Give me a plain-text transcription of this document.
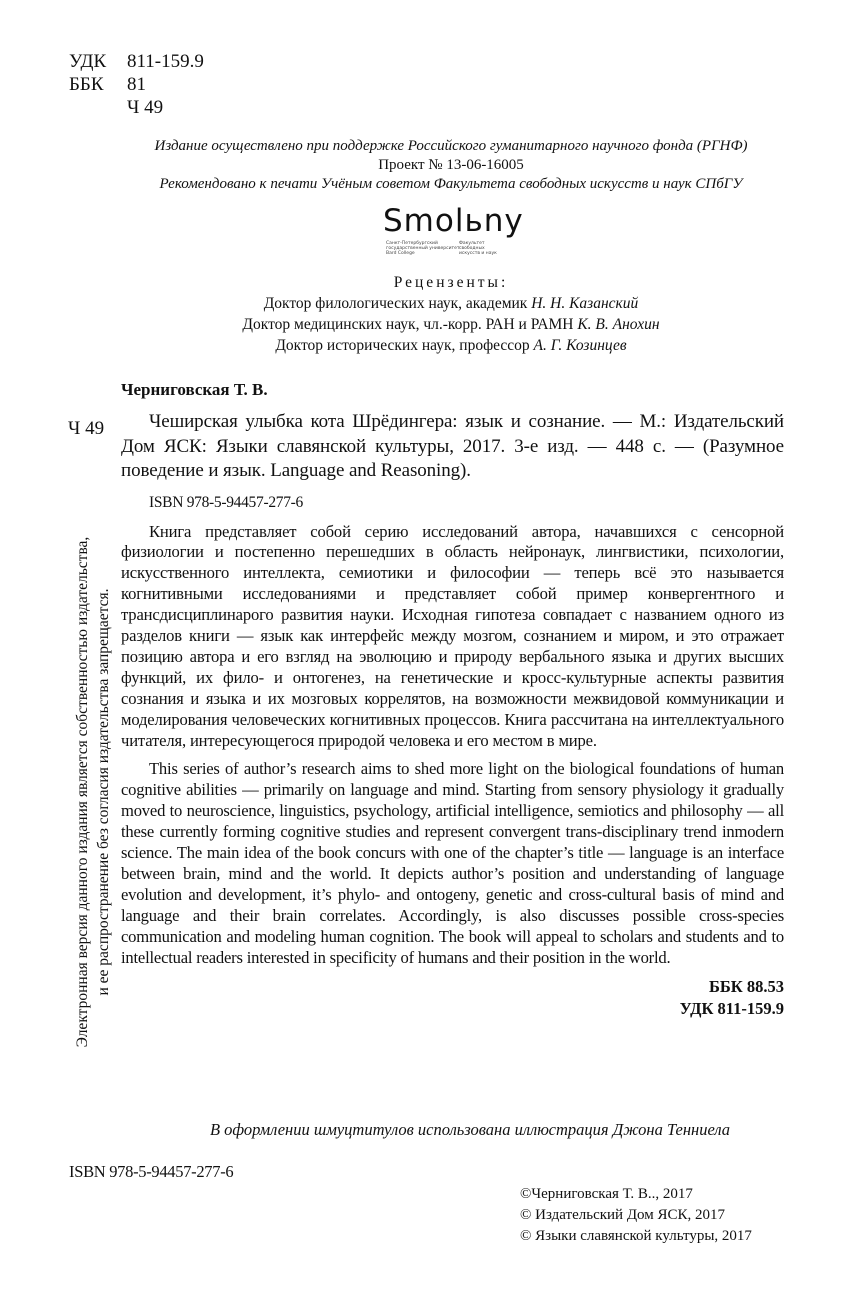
УДК 811-159.9
ББК 81
Ч 49
Издание осуществлено при поддержке Российского гуманитарного научного фонда (РГНФ)
Проект № 13-06-16005
Рекомендовано к печати Учёным советом Факультета свободных искусств и наук СПбГУ
Smolьny
Санкт-Петербургский
государственный университет
Bard College
Факультет
свободных
искусств и наук
Рецензенты:
Доктор филологических наук, академик Н. Н. Казанский
Доктор медицинских наук, чл.-корр. РАН и РАМН К. В. Анохин
Доктор исторических наук, профессор А. Г. Козинцев
Черниговская Т. В.
Ч 49	Чеширская улыбка кота Шрёдингера: язык и сознание. — М.: Издательский Дом ЯСК: Языки славянской культуры, 2017. 3-е изд. — 448 с. — (Разумное поведение и язык. Language and Reasoning).

ISBN 978-5-94457-277-6

Книга представляет собой серию исследований автора, начавшихся с сенсорной физиологии и постепенно перешедших в область нейронаук, лингвистики, психологии, искусственного интеллекта, семиотики и философии — теперь всё это называется когнитивными исследованиями и представляет собой пример конвергентного и трансдисциплинарого развития науки. Исходная гипотеза совпадает с названием одного из разделов книги — язык как интерфейс между мозгом, сознанием и миром, и это отражает позицию автора и его взгляд на эволюцию и природу вербального языка и других высших функций, их фило- и онтогенез, на генетические и кросс-культурные аспекты развития сознания и языка и их мозговых коррелятов, на возможности межвидовой коммуникации и моделирования человеческих когнитивных процессов. Книга рассчитана на интеллектуального читателя, интересующегося природой человека и его местом в мире.

This series of author’s research aims to shed more light on the biological foundations of human cognitive abilities — primarily on language and mind. Starting from sensory physiology it gradually moved to neuroscience, linguistics, psychology, artificial intelligence, semiotics and philosophy — all these currently forming cognitive studies and represent convergent trans-disciplinary trend inmodern science. The main idea of the book concurs with one of the chapter’s title — language is an interface between brain, mind and the world. It depicts author’s position and understanding of language evolution and development, it’s phylo- and ontogeny, genetic and cross-cultural basis of mind and language and their brain correlates. Accordingly, is also discusses possible cross-species communication and modeling human cognition. The book will appeal to scholars and students and to intellectual readers interested in specificity of humans and their position in the world.

ББК 88.53
УДК 811-159.9
Электронная версия данного издания является собственностью издательства, и ее распространение без согласия издательства запрещается.
В оформлении шмуцтитулов использована иллюстрация Джона Тенниела
ISBN 978-5-94457-277-6
©Черниговская Т. В.., 2017
© Издательский Дом ЯСК, 2017
© Языки славянской культуры, 2017
